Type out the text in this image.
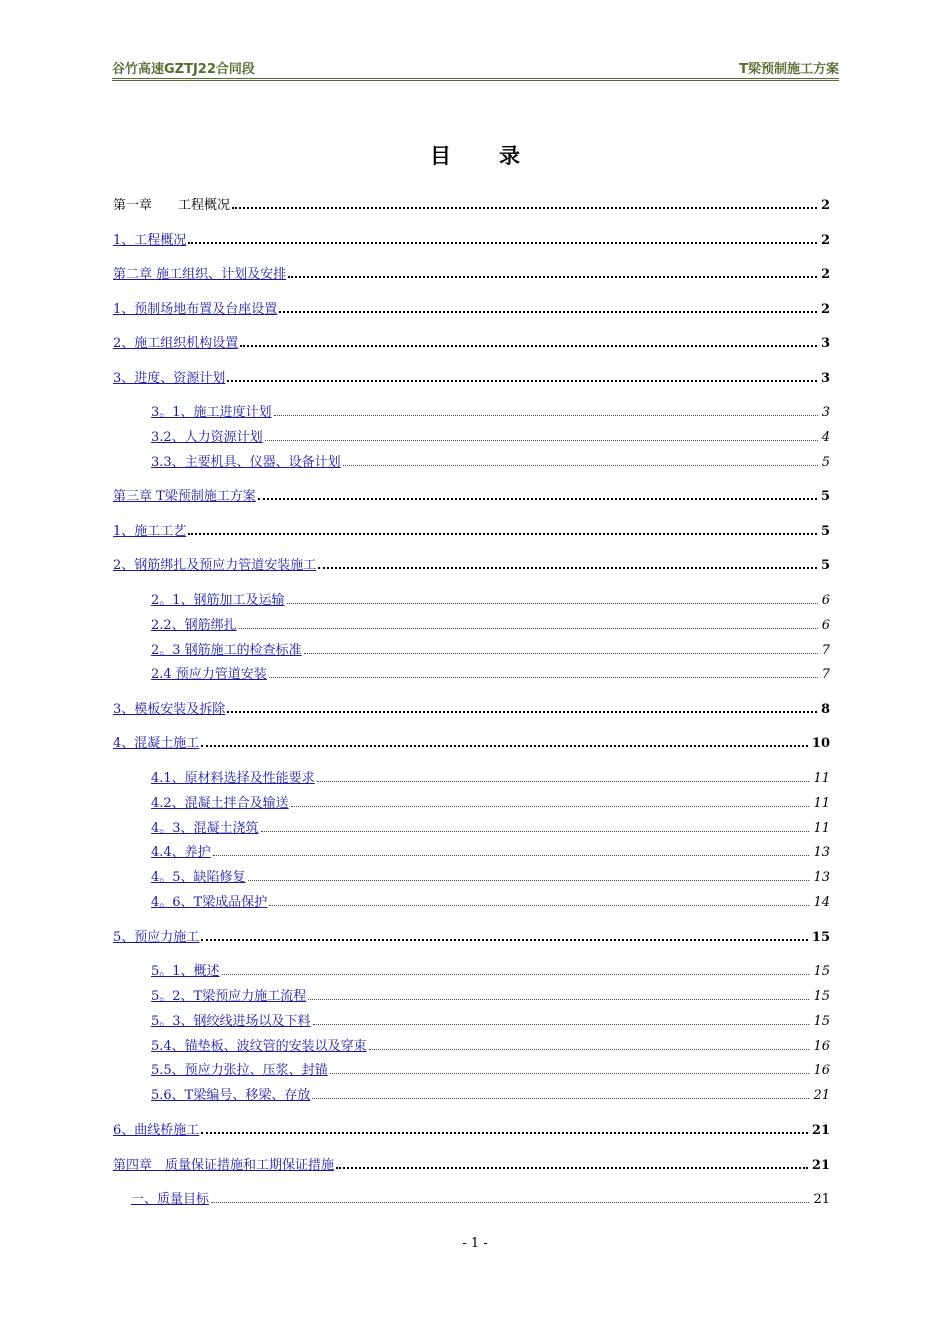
谷竹高速GZTJ22合同段	T梁预制施工方案
目 录
第一章　　工程概况	2
1、工程概况	2
第二章 施工组织、计划及安排	2
1、预制场地布置及台座设置	2
2、施工组织机构设置	3
3、进度、资源计划	3
3。1、施工进度计划	3
3.2、人力资源计划	4
3.3、主要机具、仪器、设备计划	5
第三章 T梁预制施工方案	5
1、施工工艺	5
2、钢筋绑扎及预应力管道安装施工	5
2。1、钢筋加工及运输	6
2.2、钢筋绑扎	6
2。3 钢筋施工的检查标准	7
2.4 预应力管道安装	7
3、模板安装及拆除	8
4、混凝土施工	10
4.1、原材料选择及性能要求	11
4.2、混凝土拌合及输送	11
4。3、混凝土浇筑	11
4.4、养护	13
4。5、缺陷修复	13
4。6、T梁成品保护	14
5、预应力施工	15
5。1、概述	15
5。2、T梁预应力施工流程	15
5。3、钢绞线进场以及下料	15
5.4、锚垫板、波纹管的安装以及穿束	16
5.5、预应力张拉、压浆、封锚	16
5.6、T梁编号、移梁、存放	21
6、曲线桥施工	21
第四章　质量保证措施和工期保证措施	21
一、质量目标	21
- 1 -
